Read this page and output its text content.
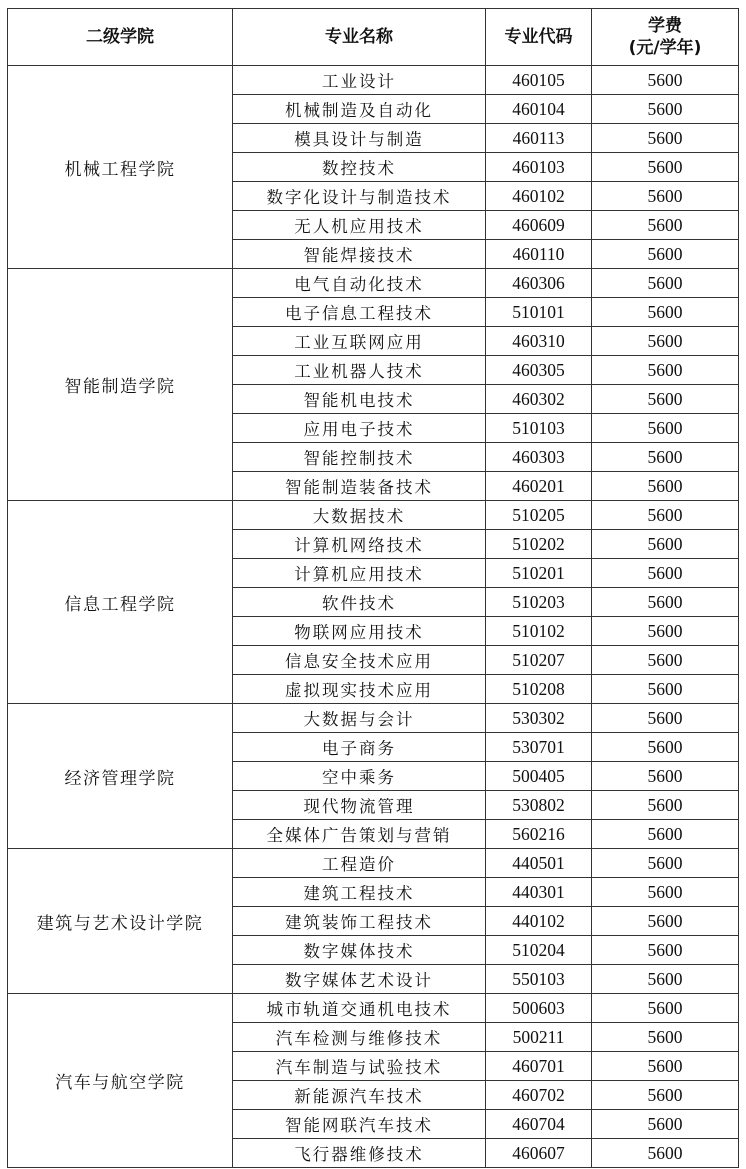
二级学院	专业名称	专业代码	学费
(元/学年)

机械工程学院	工业设计	460105	5600
	机械制造及自动化	460104	5600
	模具设计与制造	460113	5600
	数控技术	460103	5600
	数字化设计与制造技术	460102	5600
	无人机应用技术	460609	5600
	智能焊接技术	460110	5600
智能制造学院	电气自动化技术	460306	5600
	电子信息工程技术	510101	5600
	工业互联网应用	460310	5600
	工业机器人技术	460305	5600
	智能机电技术	460302	5600
	应用电子技术	510103	5600
	智能控制技术	460303	5600
	智能制造装备技术	460201	5600
信息工程学院	大数据技术	510205	5600
	计算机网络技术	510202	5600
	计算机应用技术	510201	5600
	软件技术	510203	5600
	物联网应用技术	510102	5600
	信息安全技术应用	510207	5600
	虚拟现实技术应用	510208	5600
经济管理学院	大数据与会计	530302	5600
	电子商务	530701	5600
	空中乘务	500405	5600
	现代物流管理	530802	5600
	全媒体广告策划与营销	560216	5600
建筑与艺术设计学院	工程造价	440501	5600
	建筑工程技术	440301	5600
	建筑装饰工程技术	440102	5600
	数字媒体技术	510204	5600
	数字媒体艺术设计	550103	5600
汽车与航空学院	城市轨道交通机电技术	500603	5600
	汽车检测与维修技术	500211	5600
	汽车制造与试验技术	460701	5600
	新能源汽车技术	460702	5600
	智能网联汽车技术	460704	5600
	飞行器维修技术	460607	5600
